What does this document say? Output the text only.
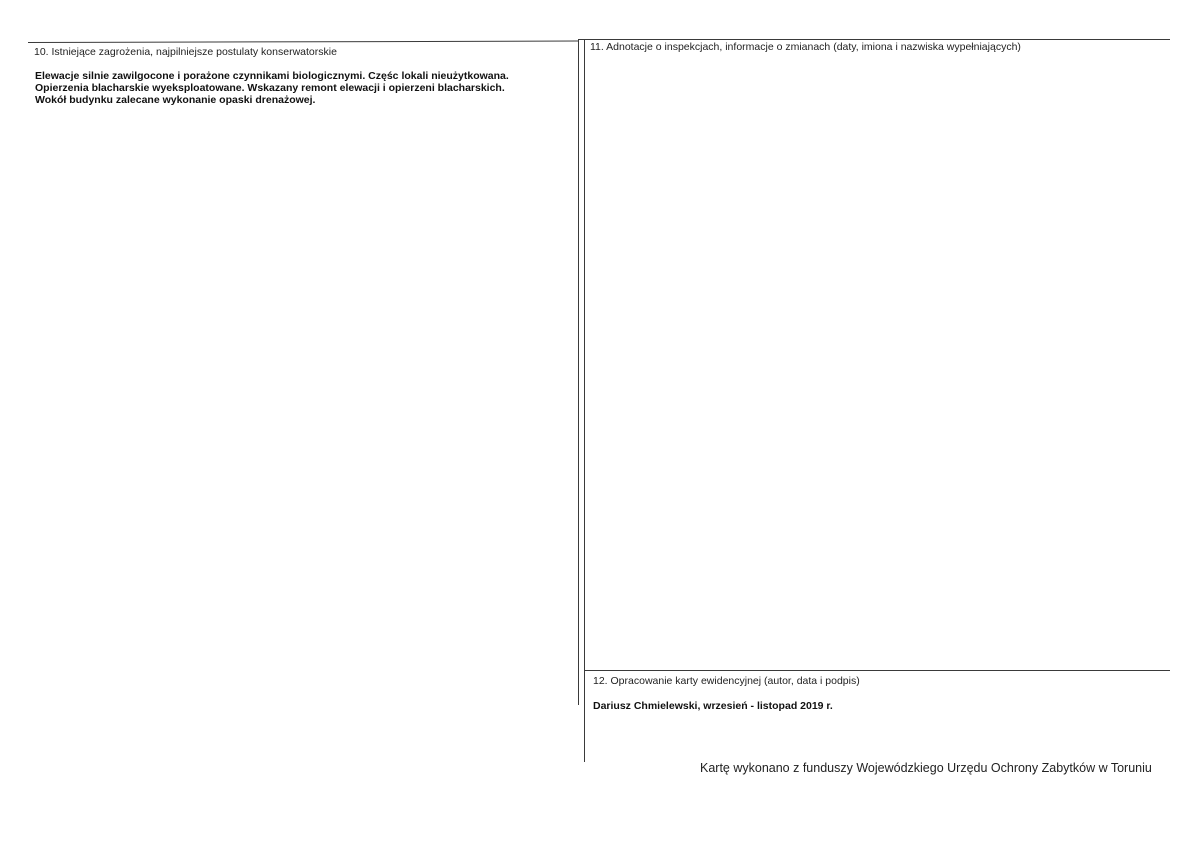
10. Istniejące zagrożenia, najpilniejsze postulaty konserwatorskie
Elewacje silnie zawilgocone i porażone czynnikami biologicznymi. Częśc lokali nieużytkowana.
Opierzenia blacharskie wyeksploatowane. Wskazany remont elewacji i opierzeni blacharskich.
Wokół budynku zalecane wykonanie opaski drenażowej.
11. Adnotacje o inspekcjach, informacje o zmianach (daty, imiona i nazwiska wypełniających)
12. Opracowanie karty ewidencyjnej (autor, data i podpis)
Dariusz Chmielewski, wrzesień - listopad 2019 r.
Kartę wykonano z funduszy Wojewódzkiego Urzędu Ochrony Zabytków w Toruniu
